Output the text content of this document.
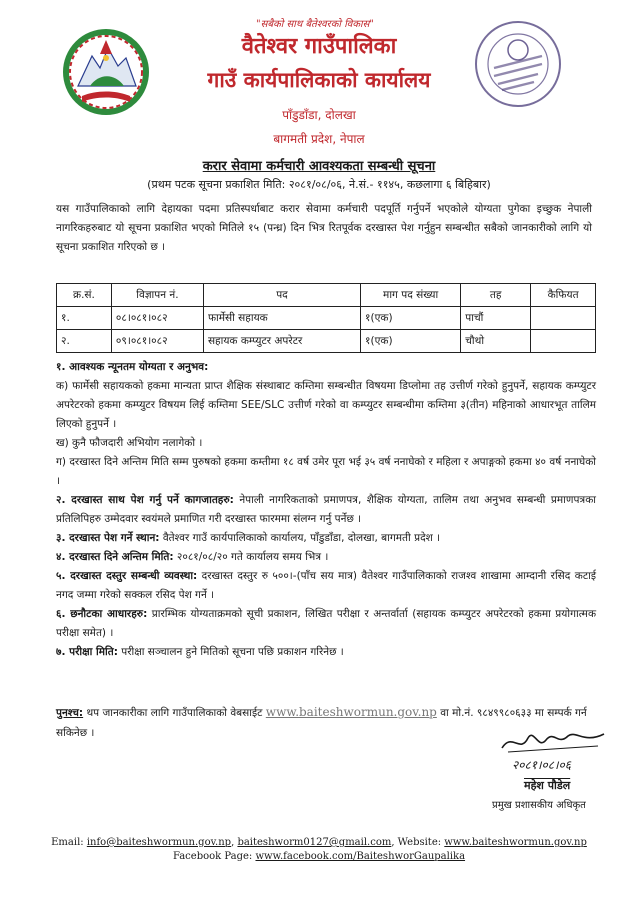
"सबैको साथ बैतेश्वरको विकास"
वैतेश्वर गाउँपालिका
गाउँ कार्यपालिकाको कार्यालय
पाँडुडाँडा, दोलखा
बागमती प्रदेश, नेपाल
करार सेवामा कर्मचारी आवश्यकता सम्बन्धी सूचना
(प्रथम पटक सूचना प्रकाशित मिति: २०८१/०८/०६, ने.सं.- ११४५, कछलागा ६ बिहिबार)
यस गाउँपालिकाको लागि देहायका पदमा प्रतिस्पर्धाबाट करार सेवामा कर्मचारी पदपूर्ति गर्नुपर्ने भएकोले योग्यता पुगेका इच्छुक नेपाली नागरिकहरुबाट यो सूचना प्रकाशित भएको मितिले १५ (पन्ध्र) दिन भित्र रितपूर्वक दरखास्त पेश गर्नुहुन सम्बन्धीत सबैको जानकारीको लागि यो सूचना प्रकाशित गरिएको छ ।
क्र.सं.	विज्ञापन नं.	पद	माग पद संख्या	तह	कैफियत
१.	०८।०८१।०८२	फार्मेसी सहायक	१(एक)	पाचौं	
२.	०९।०८१।०८२	सहायक कम्प्युटर अपरेटर	१(एक)	चौथो	

१. आवश्यक न्यूनतम योग्यता र अनुभव:

क) फार्मेसी सहायकको हकमा मान्यता प्राप्त शैक्षिक संस्थाबाट कम्तिमा सम्बन्धीत विषयमा डिप्लोमा तह उत्तीर्ण गरेको हुनुपर्ने, सहायक कम्प्युटर अपरेटरको हकमा कम्प्युटर विषयम लिई कम्तिमा SEE/SLC उत्तीर्ण गरेको वा कम्प्युटर सम्बन्धीमा कम्तिमा ३(तीन) महिनाको आधारभूत तालिम लिएको हुनुपर्ने ।

ख) कुनै फौजदारी अभियोग नलागेको ।

ग) दरखास्त दिने अन्तिम मिति सम्म पुरुषको हकमा कम्तीमा १८ वर्ष उमेर पूरा भई ३५ वर्ष ननाघेको र महिला र अपाङ्गको हकमा ४० वर्ष ननाघेको ।

२. दरखास्त साथ पेश गर्नु पर्ने कागजातहरु: नेपाली नागरिकताको प्रमाणपत्र, शैक्षिक योग्यता, तालिम तथा अनुभव सम्बन्धी प्रमाणपत्रका प्रतिलिपिहरु उम्मेदवार स्वयंमले प्रमाणित गरी दरखास्त फारममा संलग्न गर्नु पर्नेछ ।

३. दरखास्त पेश गर्ने स्थान: वैतेश्वर गाउँ कार्यपालिकाको कार्यालय, पाँडुडाँडा, दोलखा, बागमती प्रदेश ।

४. दरखास्त दिने अन्तिम मिति: २०८१/०८/२० गते कार्यालय समय भित्र ।

५. दरखास्त दस्तुर सम्बन्धी व्यवस्था: दरखास्त दस्तुर रु ५००।-(पाँच सय मात्र) वैतेश्वर गाउँपालिकाको राजश्व शाखामा आम्दानी रसिद कटाई नगद जम्मा गरेको सक्कल रसिद पेश गर्ने ।

६. छनौटका आधारहरु: प्रारम्भिक योग्यताक्रमको सूची प्रकाशन, लिखित परीक्षा र अन्तर्वार्ता (सहायक कम्प्युटर अपरेटरको हकमा प्रयोगात्मक परीक्षा समेत) ।

७. परीक्षा मिति: परीक्षा सञ्चालन हुने मितिको सूचना पछि प्रकाशन गरिनेछ ।

पुनश्च: थप जानकारीका लागि गाउँपालिकाको वेबसाईट www.baiteshwormun.gov.np वा मो.नं. ९८४९९८०६३३ मा सम्पर्क गर्न सकिनेछ ।
२०८१।०८।०६
महेश पौडेल
प्रमुख प्रशासकीय अधिकृत
Email: info@baiteshwormun.gov.np, baiteshworm0127@gmail.com, Website: www.baiteshwormun.gov.np
Facebook Page: www.facebook.com/BaiteshworGaupalika
